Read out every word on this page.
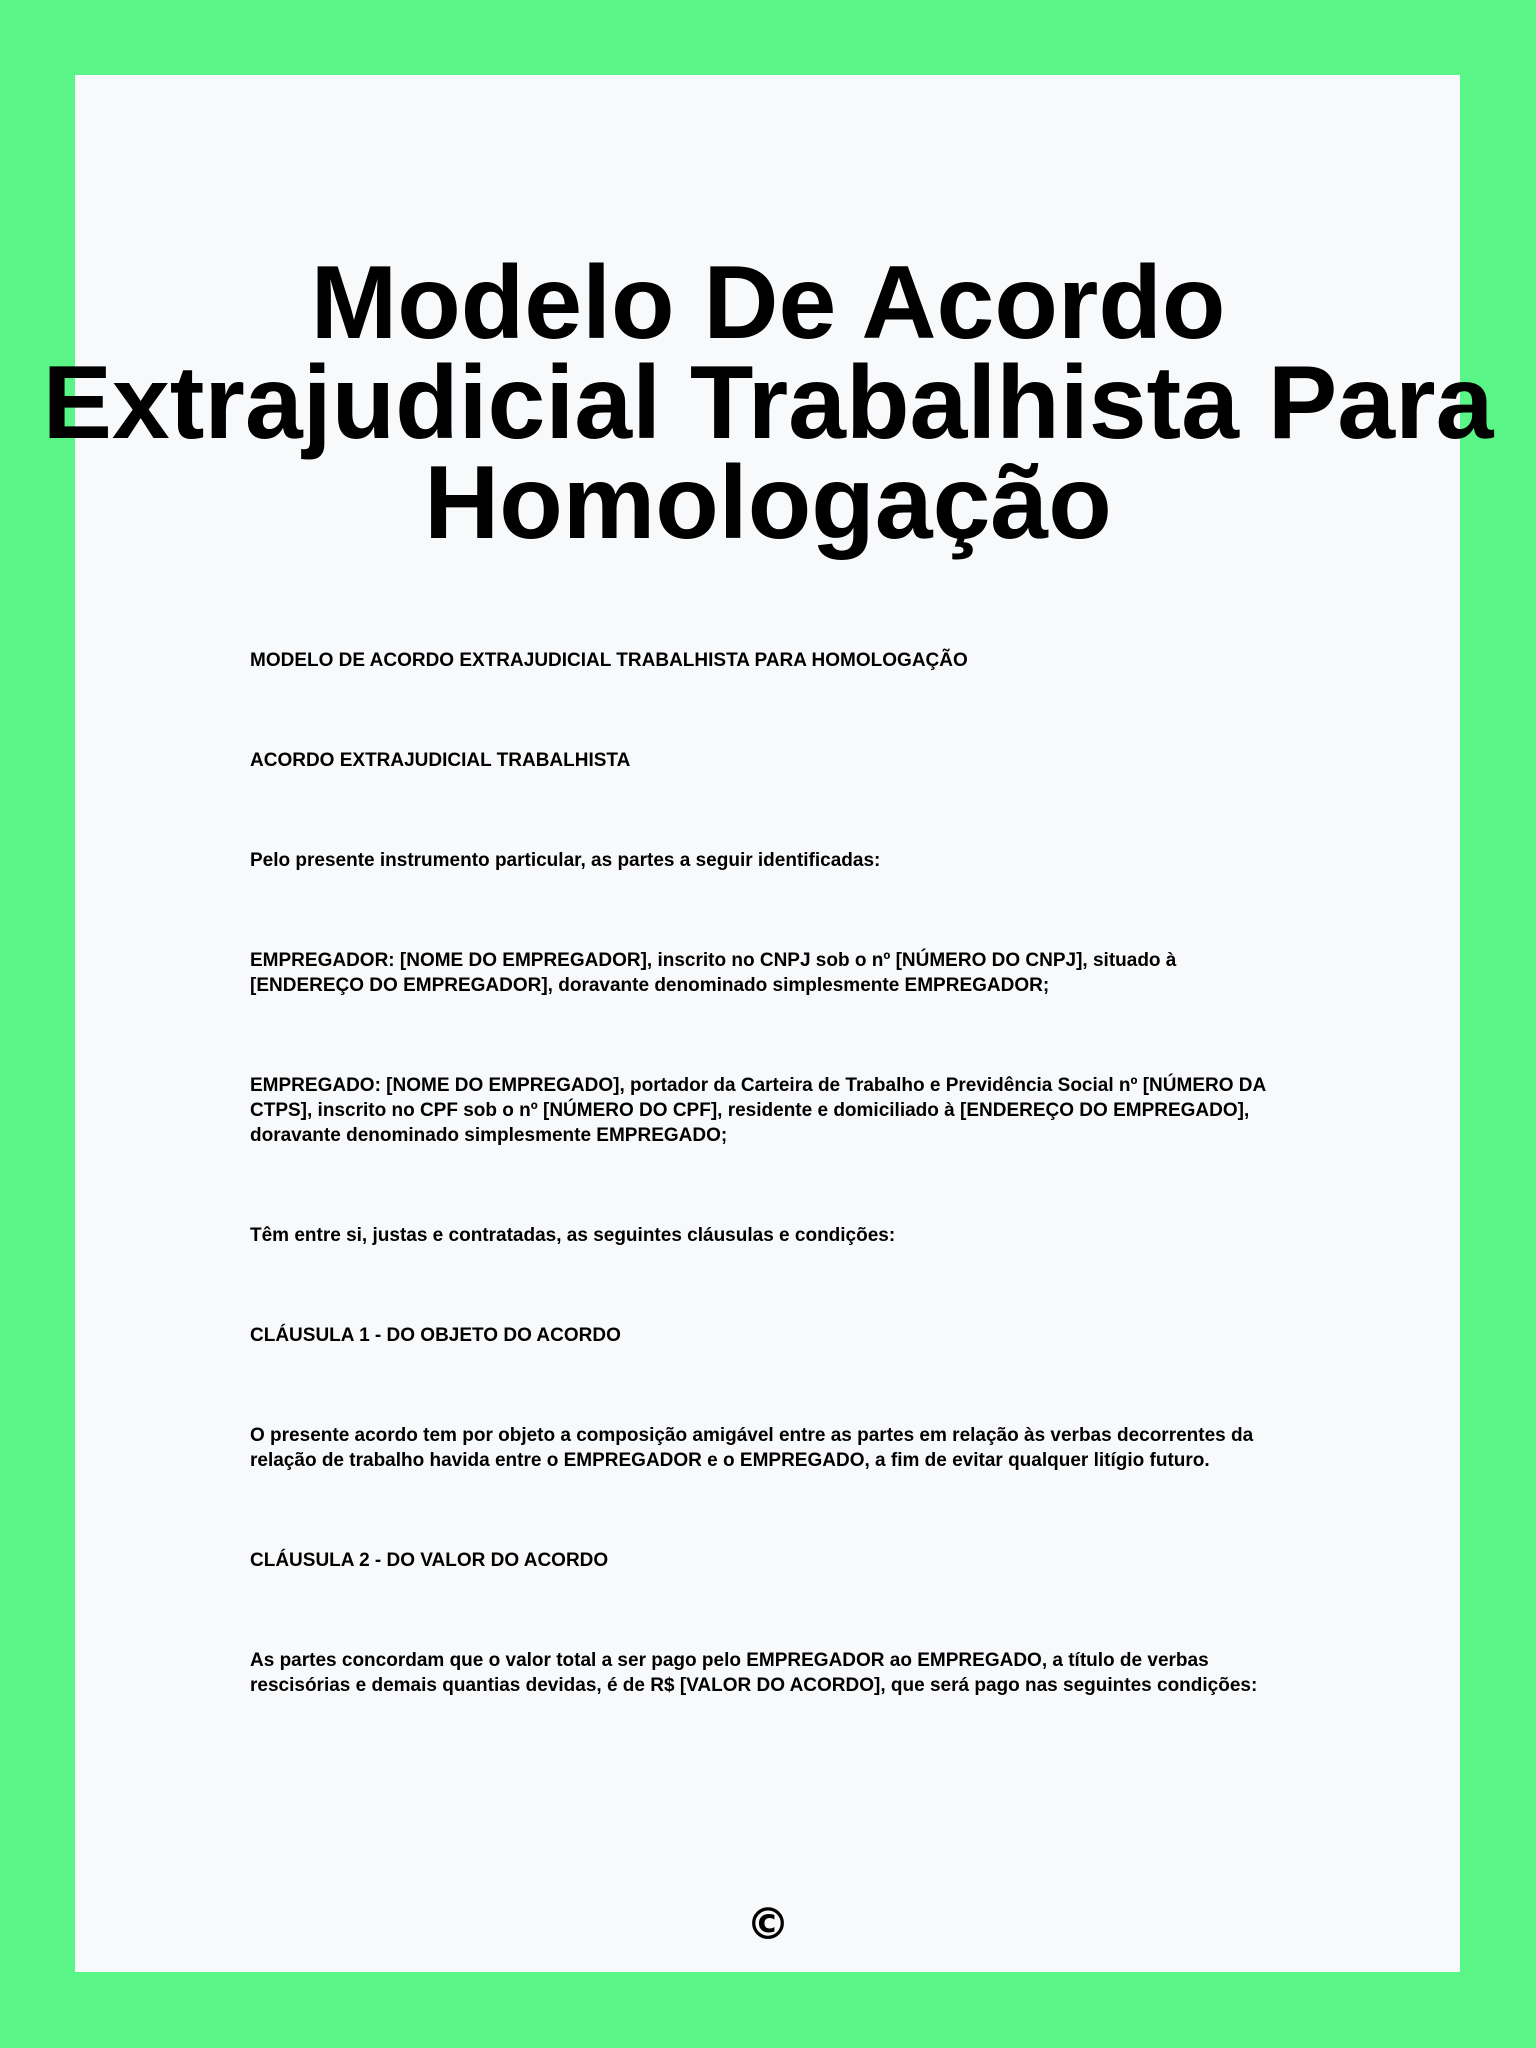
Modelo De Acordo Extrajudicial Trabalhista Para Homologação

MODELO DE ACORDO EXTRAJUDICIAL TRABALHISTA PARA HOMOLOGAÇÃO

ACORDO EXTRAJUDICIAL TRABALHISTA

Pelo presente instrumento particular, as partes a seguir identificadas:

EMPREGADOR: [NOME DO EMPREGADOR], inscrito no CNPJ sob o nº [NÚMERO DO CNPJ], situado à [ENDEREÇO DO EMPREGADOR], doravante denominado simplesmente EMPREGADOR;

EMPREGADO: [NOME DO EMPREGADO], portador da Carteira de Trabalho e Previdência Social nº [NÚMERO DA CTPS], inscrito no CPF sob o nº [NÚMERO DO CPF], residente e domiciliado à [ENDEREÇO DO EMPREGADO], doravante denominado simplesmente EMPREGADO;

Têm entre si, justas e contratadas, as seguintes cláusulas e condições:

CLÁUSULA 1 - DO OBJETO DO ACORDO

O presente acordo tem por objeto a composição amigável entre as partes em relação às verbas decorrentes da relação de trabalho havida entre o EMPREGADOR e o EMPREGADO, a fim de evitar qualquer litígio futuro.

CLÁUSULA 2 - DO VALOR DO ACORDO

As partes concordam que o valor total a ser pago pelo EMPREGADOR ao EMPREGADO, a título de verbas rescisórias e demais quantias devidas, é de R$ [VALOR DO ACORDO], que será pago nas seguintes condições:

©
